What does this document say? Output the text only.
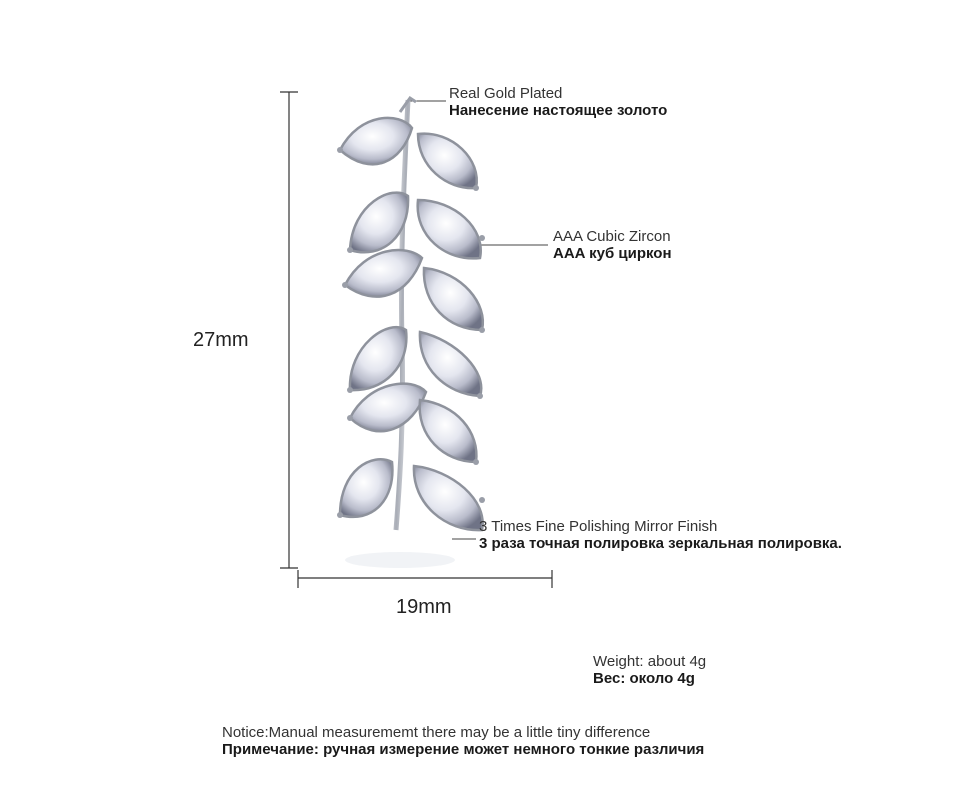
27mm
19mm
Real Gold Plated
Нанесение настоящее золото
AAA Cubic Zircon
AAA куб циркон
3 Times Fine Polishing Mirror Finish
3 раза точная полировка зеркальная полировка.
Weight: about 4g
Вес: около 4g
Notice:Manual measurememt there may be a little tiny difference
Примечание: ручная измерение может немного тонкие различия
